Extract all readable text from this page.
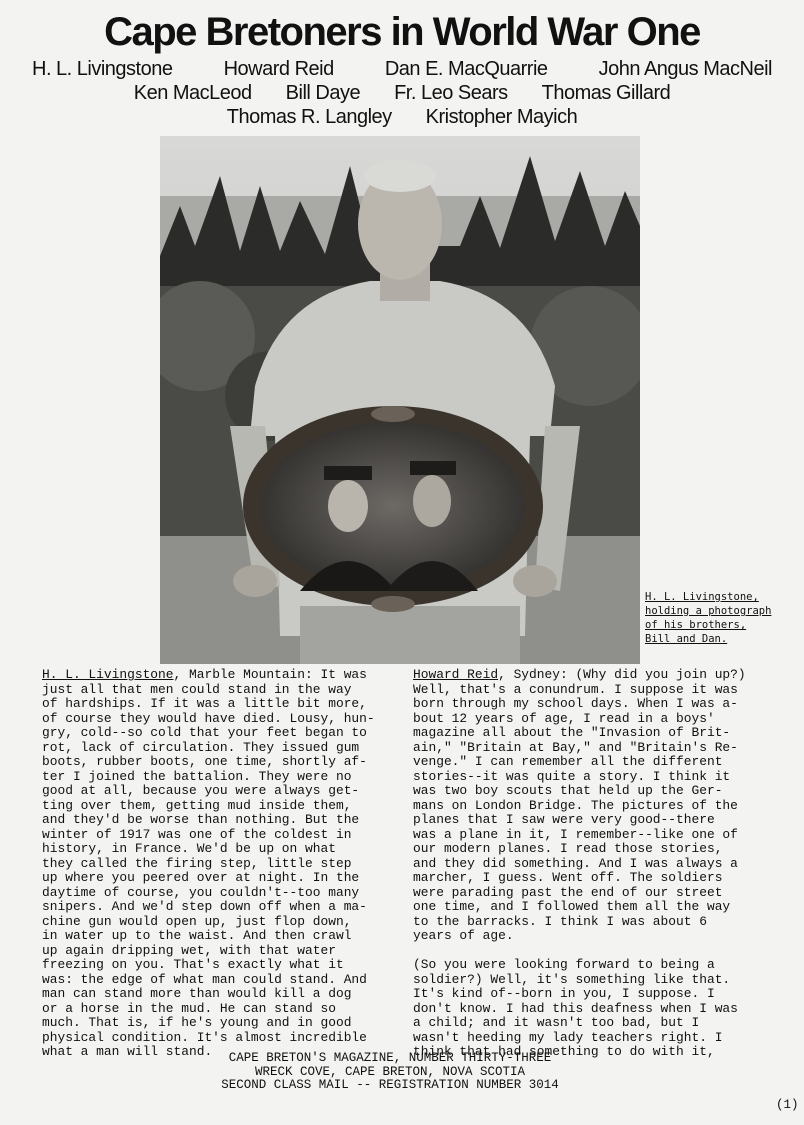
Cape Bretoners in World War One
H. L. Livingstone	Howard Reid	Dan E. MacQuarrie	John Angus MacNeil
Ken MacLeod Bill Daye Fr. Leo Sears Thomas Gillard
Thomas R. Langley Kristopher Mayich

H. L. Livingstone,

holding a photograph

of his brothers,

Bill and Dan.

H. L. Livingstone, Marble Mountain: It was

just all that men could stand in the way

of hardships. If it was a little bit more,

of course they would have died. Lousy, hun-

gry, cold--so cold that your feet began to

rot, lack of circulation. They issued gum

boots, rubber boots, one time, shortly af-

ter I joined the battalion. They were no

good at all, because you were always get-

ting over them, getting mud inside them,

and they'd be worse than nothing. But the

winter of 1917 was one of the coldest in

history, in France. We'd be up on what

they called the firing step, little step

up where you peered over at night. In the

daytime of course, you couldn't--too many

snipers. And we'd step down off when a ma-

chine gun would open up, just flop down,

in water up to the waist. And then crawl

up again dripping wet, with that water

freezing on you. That's exactly what it

was: the edge of what man could stand. And

man can stand more than would kill a dog

or a horse in the mud. He can stand so

much. That is, if he's young and in good

physical condition. It's almost incredible

what a man will stand.

Howard Reid, Sydney: (Why did you join up?)

Well, that's a conundrum. I suppose it was

born through my school days. When I was a-

bout 12 years of age, I read in a boys'

magazine all about the "Invasion of Brit-

ain," "Britain at Bay," and "Britain's Re-

venge." I can remember all the different

stories--it was quite a story. I think it

was two boy scouts that held up the Ger-

mans on London Bridge. The pictures of the

planes that I saw were very good--there

was a plane in it, I remember--like one of

our modern planes. I read those stories,

and they did something. And I was always a

marcher, I guess. Went off. The soldiers

were parading past the end of our street

one time, and I followed them all the way

to the barracks. I think I was about 6

years of age.

(So you were looking forward to being a

soldier?) Well, it's something like that.

It's kind of--born in you, I suppose. I

don't know. I had this deafness when I was

a child; and it wasn't too bad, but I

wasn't heeding my lady teachers right. I

think that had something to do with it,

CAPE BRETON'S MAGAZINE, NUMBER THIRTY-THREE

WRECK COVE, CAPE BRETON, NOVA SCOTIA

SECOND CLASS MAIL -- REGISTRATION NUMBER 3014

(1)
